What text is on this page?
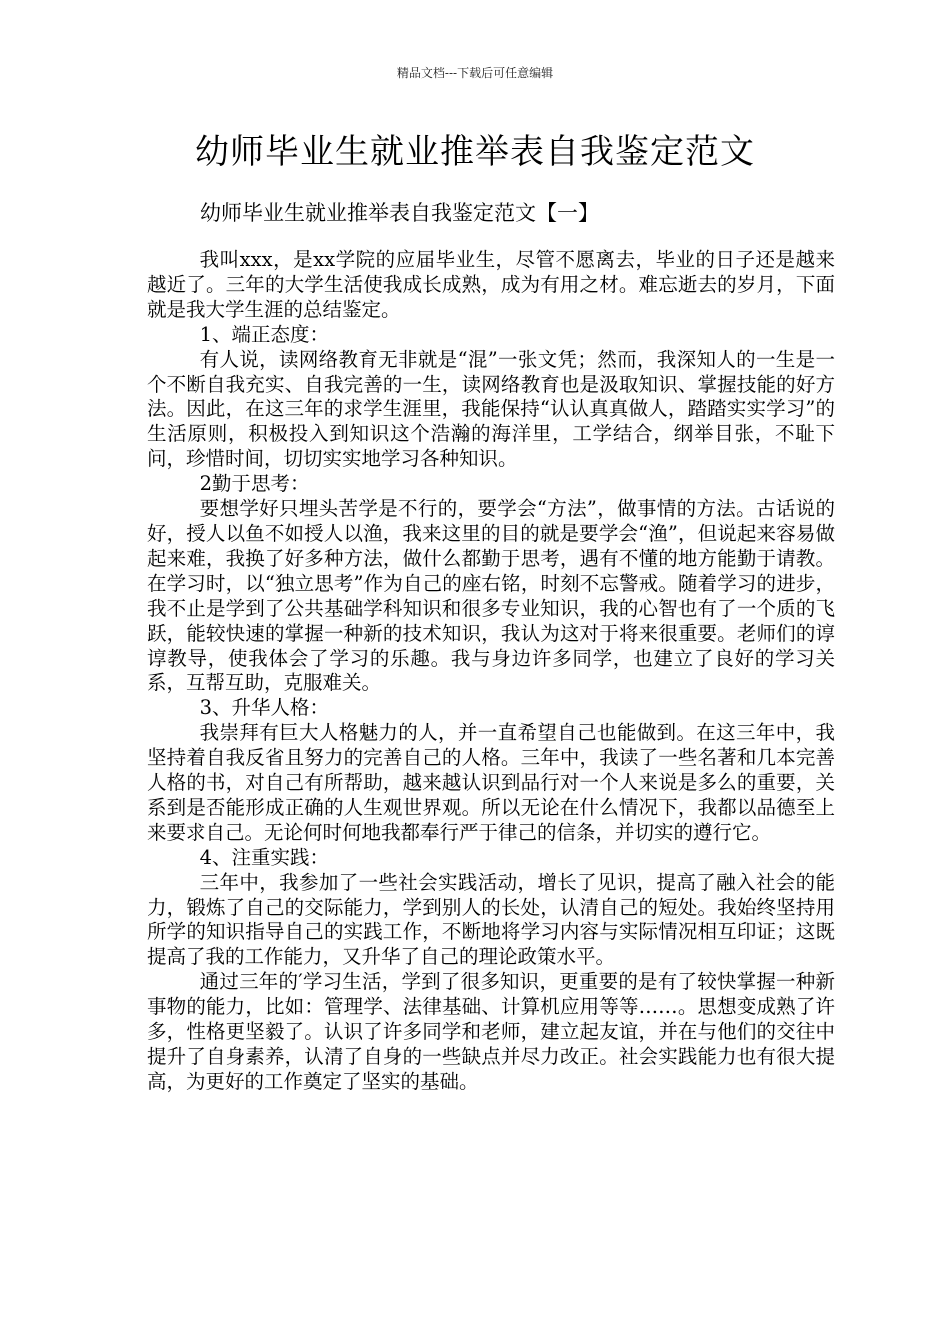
精品文档---下载后可任意编辑
幼师毕业生就业推举表自我鉴定范文
幼师毕业生就业推举表自我鉴定范文【一】

我叫xxx，是xx学院的应届毕业生，尽管不愿离去，毕业的日子还是越来越近了。三年的大学生活使我成长成熟，成为有用之材。难忘逝去的岁月，下面就是我大学生涯的总结鉴定。

1、端正态度：

有人说，读网络教育无非就是“混”一张文凭；然而，我深知人的一生是一个不断自我充实、自我完善的一生，读网络教育也是汲取知识、掌握技能的好方法。因此，在这三年的求学生涯里，我能保持“认认真真做人，踏踏实实学习”的生活原则，积极投入到知识这个浩瀚的海洋里，工学结合，纲举目张，不耻下问，珍惜时间，切切实实地学习各种知识。

2勤于思考：

要想学好只埋头苦学是不行的，要学会“方法”，做事情的方法。古话说的好，授人以鱼不如授人以渔，我来这里的目的就是要学会“渔”，但说起来容易做起来难，我换了好多种方法，做什么都勤于思考，遇有不懂的地方能勤于请教。在学习时，以“独立思考”作为自己的座右铭，时刻不忘警戒。随着学习的进步，我不止是学到了公共基础学科知识和很多专业知识，我的心智也有了一个质的飞跃，能较快速的掌握一种新的技术知识，我认为这对于将来很重要。老师们的谆谆教导，使我体会了学习的乐趣。我与身边许多同学，也建立了良好的学习关系，互帮互助，克服难关。

3、升华人格：

我崇拜有巨大人格魅力的人，并一直希望自己也能做到。在这三年中，我坚持着自我反省且努力的完善自己的人格。三年中，我读了一些名著和几本完善人格的书，对自己有所帮助，越来越认识到品行对一个人来说是多么的重要，关系到是否能形成正确的人生观世界观。所以无论在什么情况下，我都以品德至上来要求自己。无论何时何地我都奉行严于律己的信条，并切实的遵行它。

4、注重实践：

三年中，我参加了一些社会实践活动，增长了见识，提高了融入社会的能力，锻炼了自己的交际能力，学到别人的长处，认清自己的短处。我始终坚持用所学的知识指导自己的实践工作，不断地将学习内容与实际情况相互印证；这既提高了我的工作能力，又升华了自己的理论政策水平。

通过三年的′学习生活，学到了很多知识，更重要的是有了较快掌握一种新事物的能力，比如：管理学、法律基础、计算机应用等等……。思想变成熟了许多，性格更坚毅了。认识了许多同学和老师，建立起友谊，并在与他们的交往中提升了自身素养，认清了自身的一些缺点并尽力改正。社会实践能力也有很大提高，为更好的工作奠定了坚实的基础。
